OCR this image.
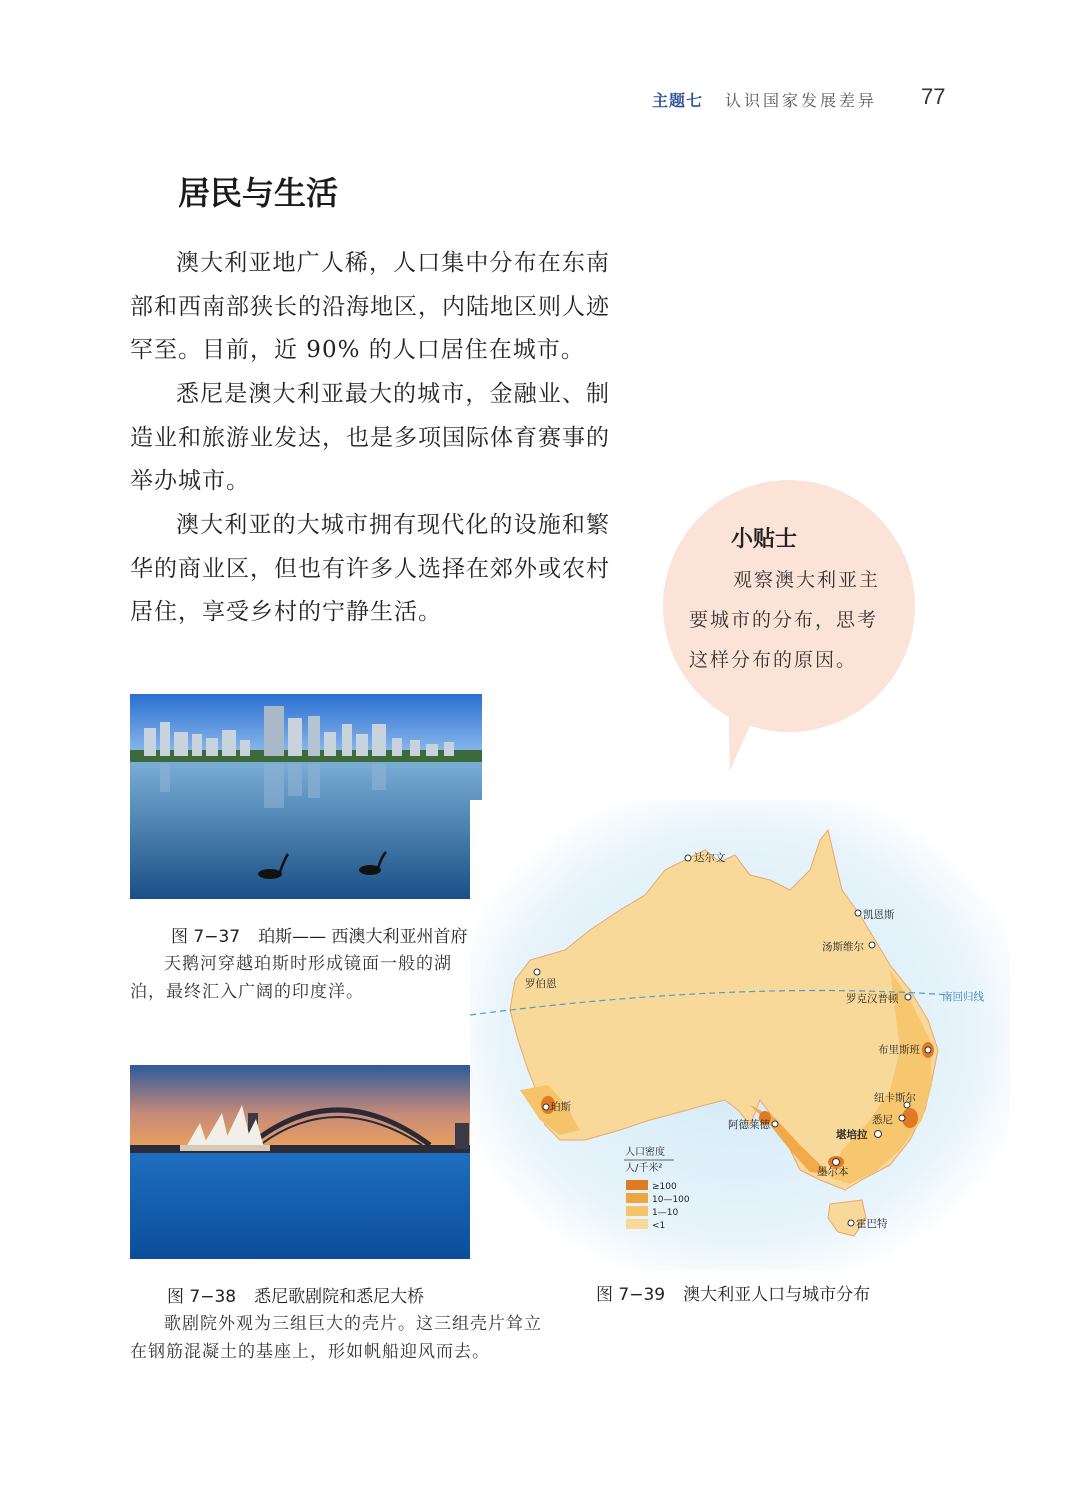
主题七 认识国家发展差异 77
居民与生活
澳大利亚地广人稀，人口集中分布在东南部和西南部狭长的沿海地区，内陆地区则人迹罕至。目前，近 90% 的人口居住在城市。
悉尼是澳大利亚最大的城市，金融业、制造业和旅游业发达，也是多项国际体育赛事的举办城市。
澳大利亚的大城市拥有现代化的设施和繁华的商业区，但也有许多人选择在郊外或农村居住，享受乡村的宁静生活。
小贴士
观察澳大利亚主要城市的分布，思考这样分布的原因。
图 7−37 珀斯—— 西澳大利亚州首府
天鹅河穿越珀斯时形成镜面一般的湖泊，最终汇入广阔的印度洋。
图 7−38 悉尼歌剧院和悉尼大桥
歌剧院外观为三组巨大的壳片。这三组壳片耸立在钢筋混凝土的基座上，形如帆船迎风而去。
南回归线
达尔文
凯恩斯
汤斯维尔
罗伯恩
罗克汉普顿
布里斯班
纽卡斯尔
悉尼
堪培拉
阿德莱德
墨尔本
珀斯
霍巴特
人口密度
人/千米²
≥100
10—100
1—10
<1
图 7−39 澳大利亚人口与城市分布
